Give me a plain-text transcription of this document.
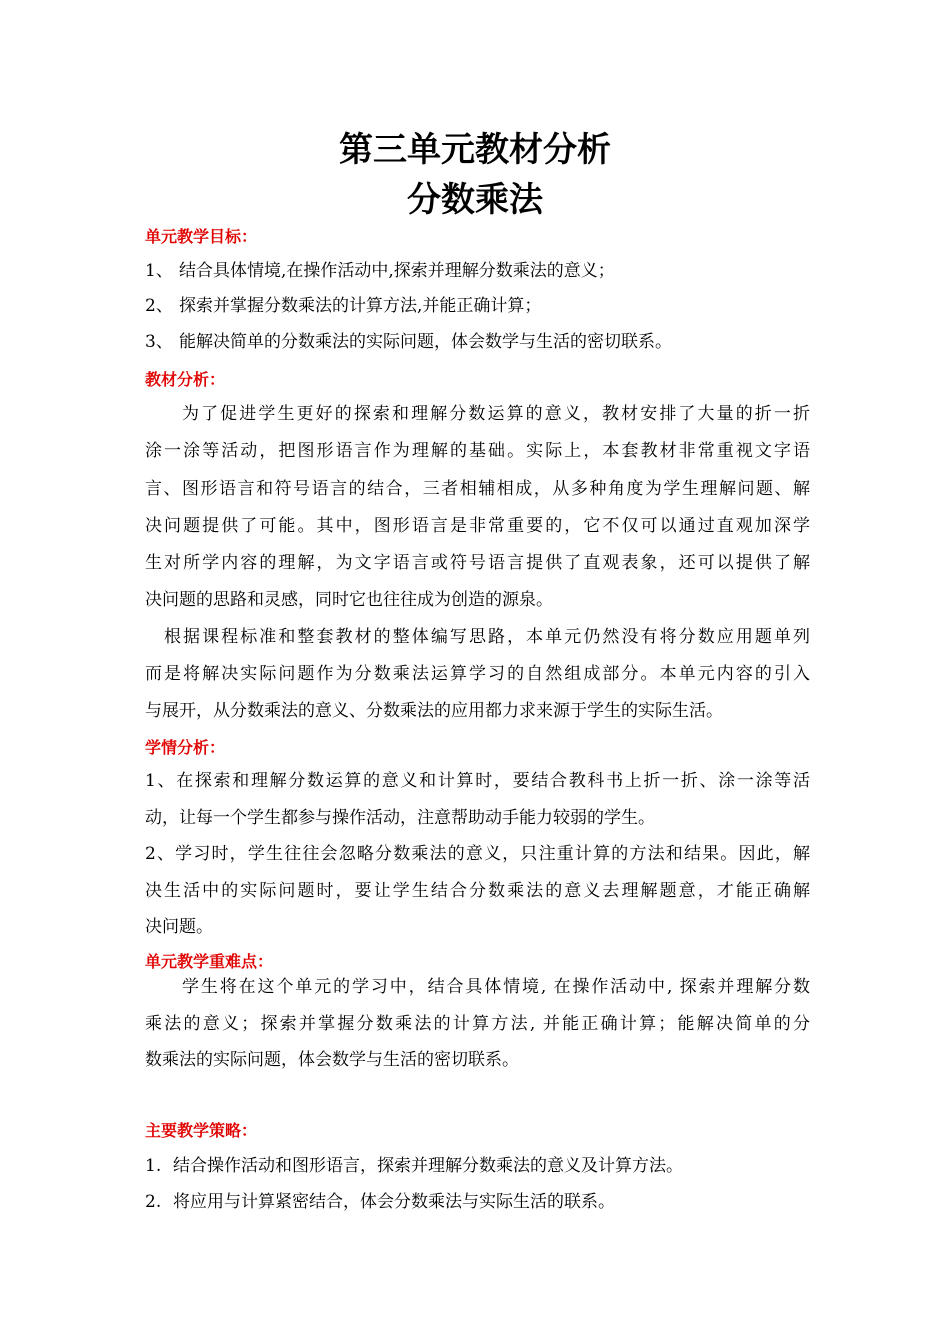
第三单元教材分析
分数乘法
单元教学目标：
1、 结合具体情境,在操作活动中,探索并理解分数乘法的意义；
2、 探索并掌握分数乘法的计算方法,并能正确计算；
3、 能解决简单的分数乘法的实际问题，体会数学与生活的密切联系。
教材分析：
为了促进学生更好的探索和理解分数运算的意义，教材安排了大量的折一折
涂一涂等活动，把图形语言作为理解的基础。实际上，本套教材非常重视文字语
言、图形语言和符号语言的结合，三者相辅相成，从多种角度为学生理解问题、解
决问题提供了可能。其中，图形语言是非常重要的，它不仅可以通过直观加深学
生对所学内容的理解，为文字语言或符号语言提供了直观表象，还可以提供了解
决问题的思路和灵感，同时它也往往成为创造的源泉。
根据课程标准和整套教材的整体编写思路，本单元仍然没有将分数应用题单列
而是将解决实际问题作为分数乘法运算学习的自然组成部分。本单元内容的引入
与展开，从分数乘法的意义、分数乘法的应用都力求来源于学生的实际生活。
学情分析：
1、在探索和理解分数运算的意义和计算时，要结合教科书上折一折、涂一涂等活
动，让每一个学生都参与操作活动，注意帮助动手能力较弱的学生。
2、学习时，学生往往会忽略分数乘法的意义，只注重计算的方法和结果。因此，解
决生活中的实际问题时，要让学生结合分数乘法的意义去理解题意，才能正确解
决问题。
单元教学重难点：
学生将在这个单元的学习中，结合具体情境, 在操作活动中, 探索并理解分数
乘法的意义；探索并掌握分数乘法的计算方法, 并能正确计算；能解决简单的分
数乘法的实际问题，体会数学与生活的密切联系。
主要教学策略：
1. 结合操作活动和图形语言，探索并理解分数乘法的意义及计算方法。
2. 将应用与计算紧密结合，体会分数乘法与实际生活的联系。
